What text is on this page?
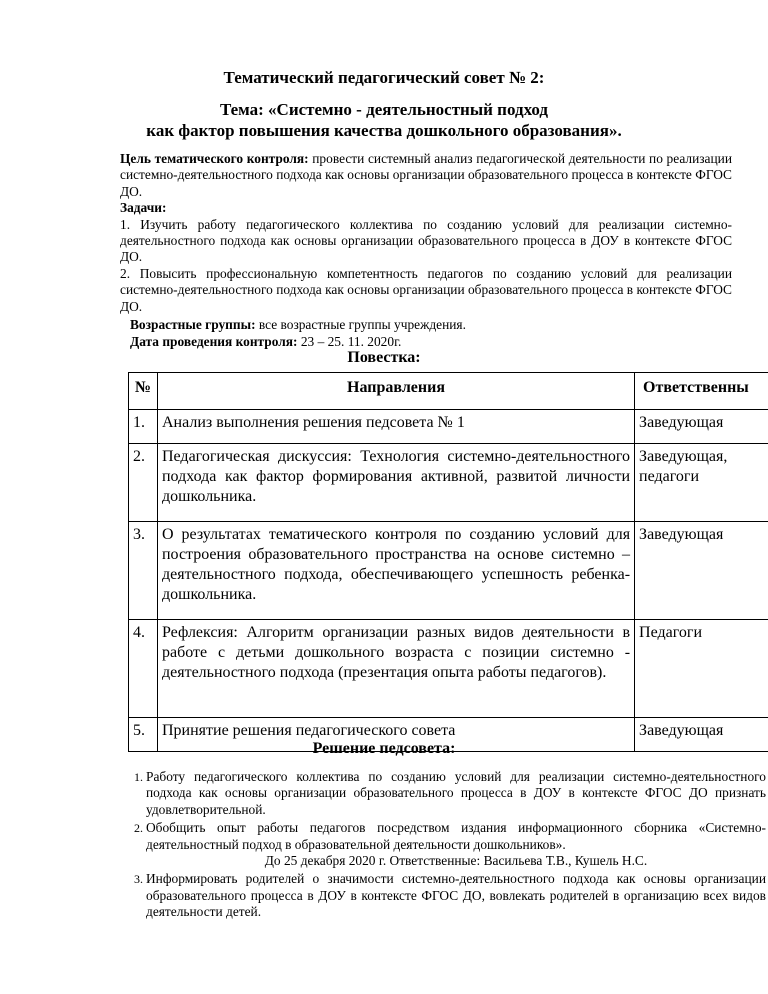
Тематический педагогический совет № 2:
Тема: «Системно - деятельностный подход
как фактор повышения качества дошкольного образования».

Цель тематического контроля: провести системный анализ педагогической деятельности по реализации системно-деятельностного подхода как основы организации образовательного процесса в контексте ФГОС ДО.

Задачи:

1. Изучить работу педагогического коллектива по созданию условий для реализации системно-деятельностного подхода как основы организации образовательного процесса в ДОУ в контексте ФГОС ДО.

2. Повысить профессиональную компетентность педагогов по созданию условий для реализации системно-деятельностного подхода как основы организации образовательного процесса в контексте ФГОС ДО.

Возрастные группы: все возрастные группы учреждения.
Дата проведения контроля: 23 – 25. 11. 2020г.
Повестка:
№	Направления	Ответственны
1.	Анализ выполнения решения педсовета № 1	Заведующая
2.	Педагогическая дискуссия: Технология системно-деятельностного подхода как фактор формирования активной, развитой личности дошкольника.	Заведующая, педагоги
3.	О результатах тематического контроля по созданию условий для построения образовательного пространства на основе системно – деятельностного подхода, обеспечивающего успешность ребенка-дошкольника.	Заведующая
4.	Рефлексия: Алгоритм организации разных видов деятельности в работе с детьми дошкольного возраста с позиции системно - деятельностного подхода (презентация опыта работы педагогов).	Педагоги
5.	Принятие решения педагогического совета	Заведующая
Решение педсовета:
1. Работу педагогического коллектива по созданию условий для реализации системно-деятельностного подхода как основы организации образовательного процесса в ДОУ в контексте ФГОС ДО признать удовлетворительной.
2. Обобщить опыт работы педагогов посредством издания информационного сборника «Системно-деятельностный подход в образовательной деятельности дошкольников».
До 25 декабря 2020 г. Ответственные: Васильева Т.В., Кушель Н.С.
3. Информировать родителей о значимости системно-деятельностного подхода как основы организации образовательного процесса в ДОУ в контексте ФГОС ДО, вовлекать родителей в организацию всех видов деятельности детей.
